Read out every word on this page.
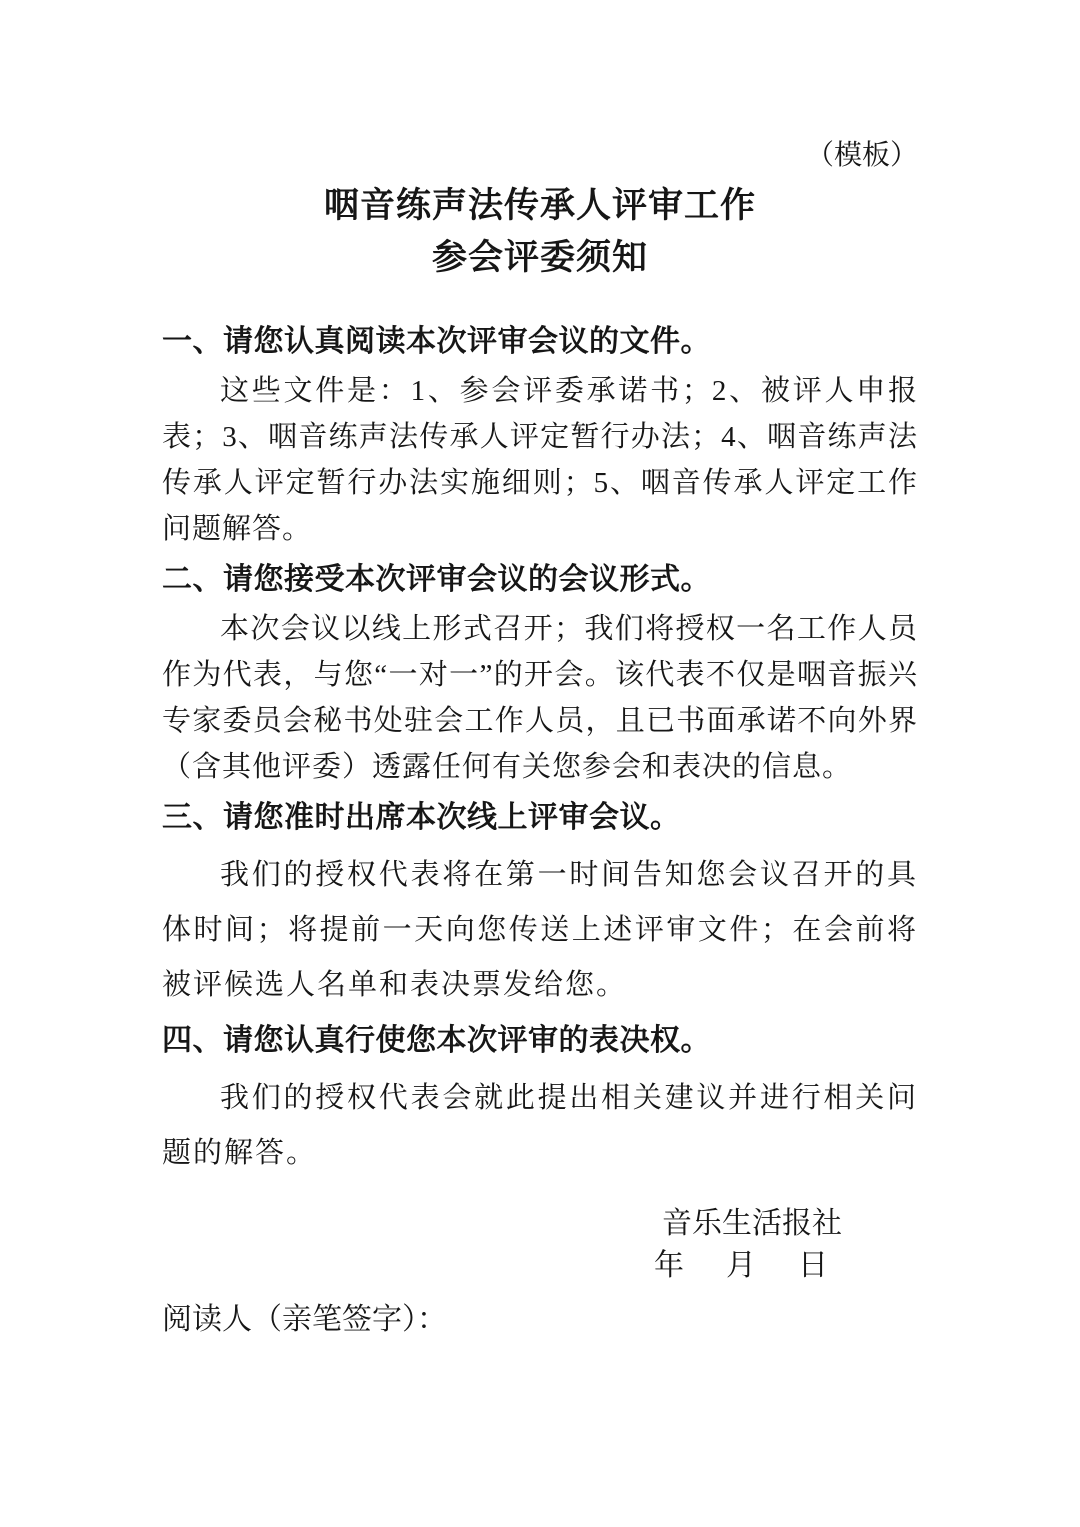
（模板）
咽音练声法传承人评审工作
参会评委须知
一、请您认真阅读本次评审会议的文件。

这些文件是：1、参会评委承诺书；2、被评人申报表；3、咽音练声法传承人评定暂行办法；4、咽音练声法传承人评定暂行办法实施细则；5、咽音传承人评定工作问题解答。

二、请您接受本次评审会议的会议形式。

本次会议以线上形式召开；我们将授权一名工作人员作为代表，与您“一对一”的开会。该代表不仅是咽音振兴专家委员会秘书处驻会工作人员，且已书面承诺不向外界（含其他评委）透露任何有关您参会和表决的信息。

三、请您准时出席本次线上评审会议。

我们的授权代表将在第一时间告知您会议召开的具体时间；将提前一天向您传送上述评审文件；在会前将被评候选人名单和表决票发给您。

四、请您认真行使您本次评审的表决权。

我们的授权代表会就此提出相关建议并进行相关问题的解答。

音乐生活报社
年　月　日
阅读人（亲笔签字）：
